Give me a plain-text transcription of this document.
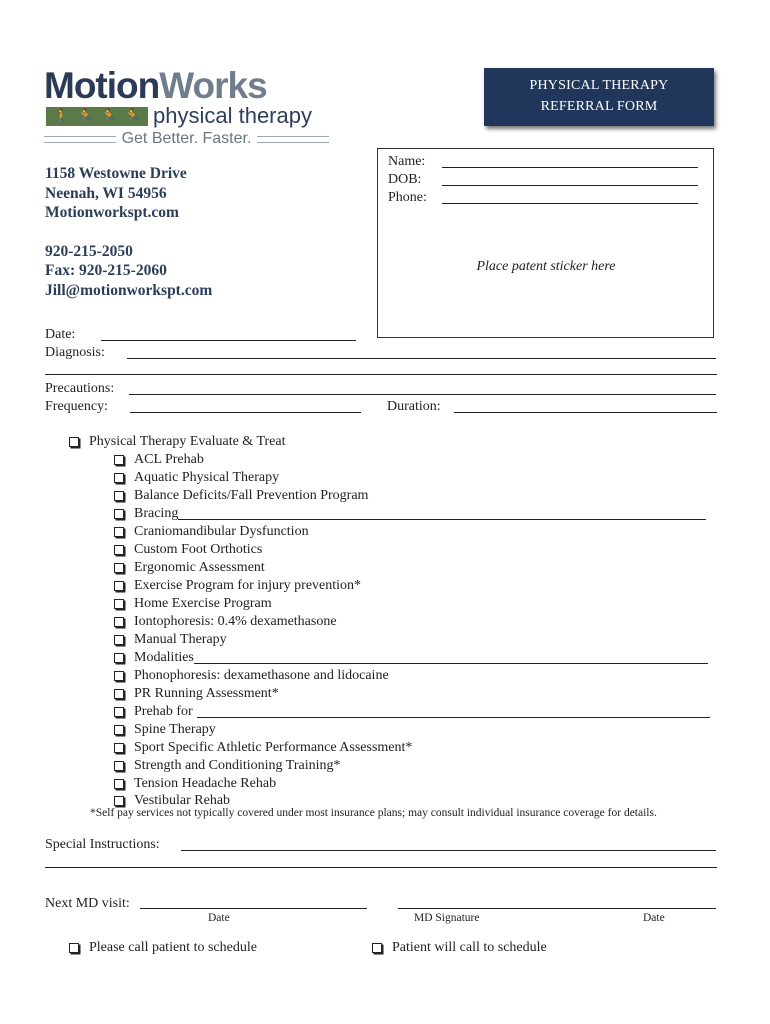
MotionWorks
🚶 🏃 🏃 🏃 physical therapy
Get Better. Faster.
PHYSICAL THERAPY
REFERRAL FORM

1158 Westowne Drive

Neenah, WI 54956

Motionworkspt.com

920-215-2050

Fax: 920-215-2060

Jill@motionworkspt.com

Name:
DOB:
Phone:
Place patent sticker here
Date:
Diagnosis:
Precautions:
Frequency:	Duration:
Physical Therapy Evaluate & Treat
ACL Prehab
Aquatic Physical Therapy
Balance Deficits/Fall Prevention Program
Bracing
Craniomandibular Dysfunction
Custom Foot Orthotics
Ergonomic Assessment
Exercise Program for injury prevention*
Home Exercise Program
Iontophoresis: 0.4% dexamethasone
Manual Therapy
Modalities
Phonophoresis: dexamethasone and lidocaine
PR Running Assessment*
Prehab for
Spine Therapy
Sport Specific Athletic Performance Assessment*
Strength and Conditioning Training*
Tension Headache Rehab
Vestibular Rehab
*Self pay services not typically covered under most insurance plans; may consult individual insurance coverage for details.
Special Instructions:
Next MD visit:
Date	MD Signature	Date
Please call patient to schedule	Patient will call to schedule
